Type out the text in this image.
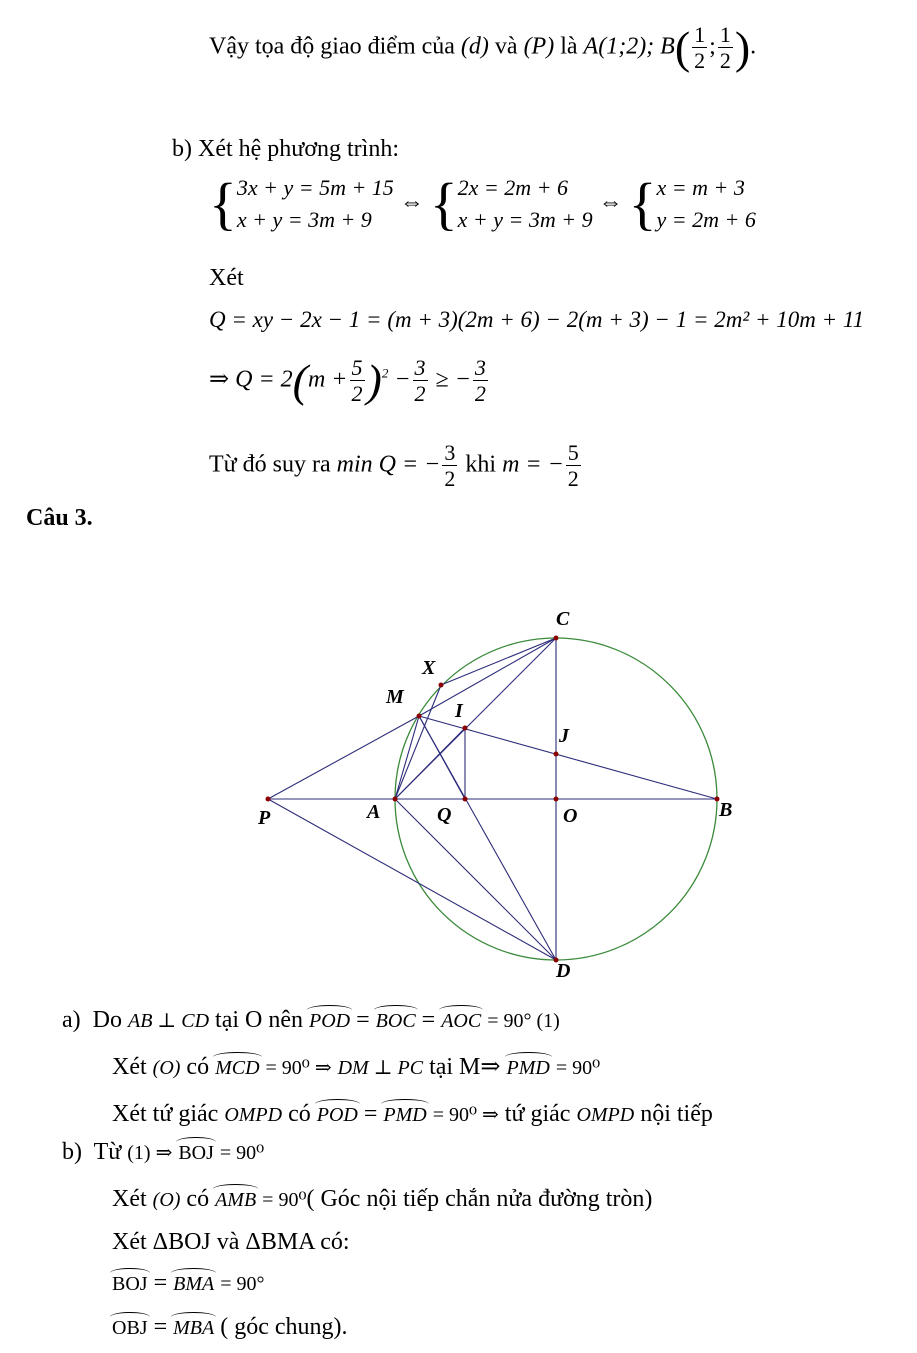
Vậy tọa độ giao điểm của (d) và (P) là A(1;2); $B( \frac{1}{2}$ ; $\frac{1}{2}$ ).
b) Xét hệ phương trình:
{3x + y = 5m + 15
x + y = 3m + 9 ⇔ {2x = 2m + 6
x + y = 3m + 9 ⇔ {x = m + 3
y = 2m + 6
Xét
Q = xy − 2x − 1 = (m + 3)(2m + 6) − 2(m + 3) − 1 = 2m² + 10m + 11
⇒ $Q = 2(m + \frac{5}{2} )^2 - \frac{3}{2}$ ≥ − $\frac{3}{2}$
Từ đó suy ra min Q = − $\frac{3}{2}$ khi m = − $\frac{5}{2}$
Câu 3.
C
X
M
I
J
P	A	Q	O	B
D
a) Do AB ⊥ CD tại O nên POD = BOC = AOC = 90° (1)
Xét (O) có MCD = 90⁰ ⇒ DM ⊥ PC tại M⇒ PMD = 90⁰
Xét tứ giác OMPD có POD = PMD = 90⁰ ⇒ tứ giác OMPD nội tiếp
b) Từ (1) ⇒ BOJ = 90⁰
Xét (O) có AMB = 90⁰( Góc nội tiếp chắn nửa đường tròn)
Xét ΔBOJ và ΔBMA có:
BOJ = BMA = 90°
OBJ = MBA ( góc chung).
